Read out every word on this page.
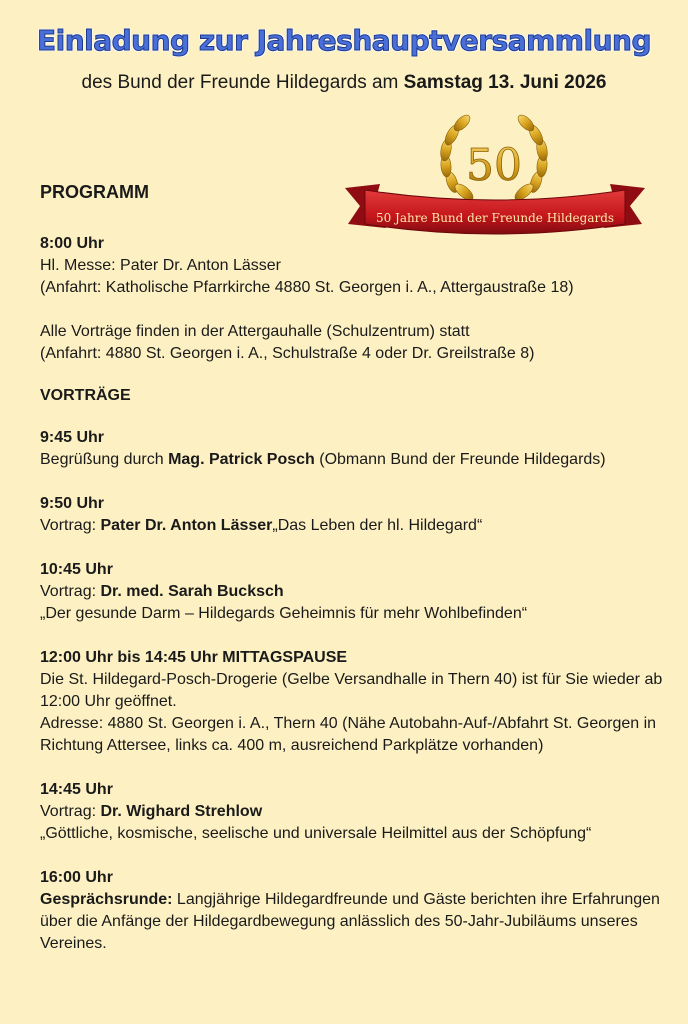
Einladung zur Jahreshauptversammlung
des Bund der Freunde Hildegards am Samstag 13. Juni 2026
50
50 Jahre Bund der Freunde Hildegards
PROGRAMM
8:00 Uhr
Hl. Messe: Pater Dr. Anton Lässer
(Anfahrt: Katholische Pfarrkirche 4880 St. Georgen i. A., Attergaustraße 18)
Alle Vorträge finden in der Attergauhalle (Schulzentrum) statt
(Anfahrt: 4880 St. Georgen i. A., Schulstraße 4 oder Dr. Greilstraße 8)
VORTRÄGE
9:45 Uhr
Begrüßung durch Mag. Patrick Posch (Obmann Bund der Freunde Hildegards)
9:50 Uhr
Vortrag: Pater Dr. Anton Lässer„Das Leben der hl. Hildegard“
10:45 Uhr
Vortrag: Dr. med. Sarah Bucksch
„Der gesunde Darm – Hildegards Geheimnis für mehr Wohlbefinden“
12:00 Uhr bis 14:45 Uhr MITTAGSPAUSE
Die St. Hildegard-Posch-Drogerie (Gelbe Versandhalle in Thern 40) ist für Sie wieder ab 12:00 Uhr geöffnet.
Adresse: 4880 St. Georgen i. A., Thern 40 (Nähe Autobahn-Auf-/Abfahrt St. Georgen in Richtung Attersee, links ca. 400 m, ausreichend Parkplätze vorhanden)
14:45 Uhr
Vortrag: Dr. Wighard Strehlow
„Göttliche, kosmische, seelische und universale Heilmittel aus der Schöpfung“
16:00 Uhr
Gesprächsrunde: Langjährige Hildegardfreunde und Gäste berichten ihre Erfahrungen über die Anfänge der Hildegardbewegung anlässlich des 50-Jahr-Jubiläums unseres Vereines.
